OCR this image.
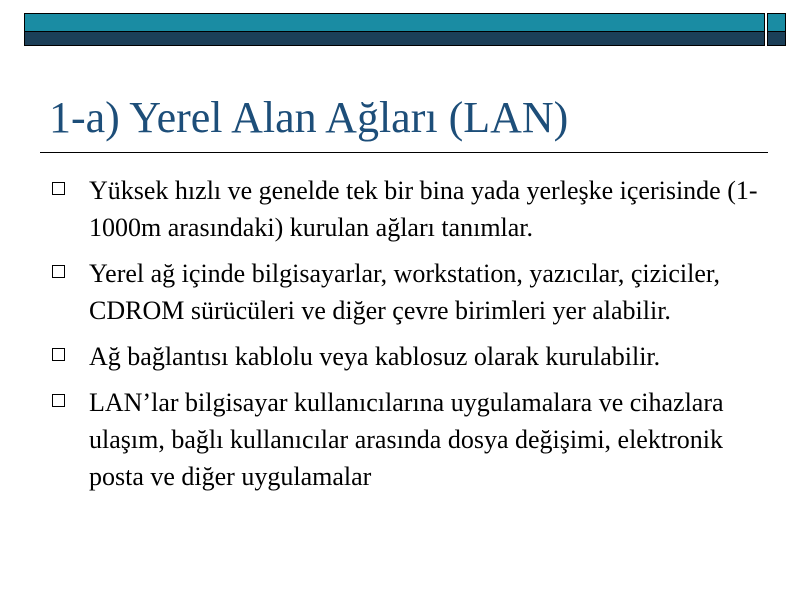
1-a) Yerel Alan Ağları (LAN)
Yüksek hızlı ve genelde tek bir bina yada yerleşke içerisinde (1-1000m arasındaki) kurulan ağları tanımlar.
Yerel ağ içinde bilgisayarlar, workstation, yazıcılar, çiziciler, CDROM sürücüleri ve diğer çevre birimleri yer alabilir.
Ağ bağlantısı kablolu veya kablosuz olarak kurulabilir.
LAN’lar bilgisayar kullanıcılarına uygulamalara ve cihazlara ulaşım, bağlı kullanıcılar arasında dosya değişimi, elektronik posta ve diğer uygulamalar
